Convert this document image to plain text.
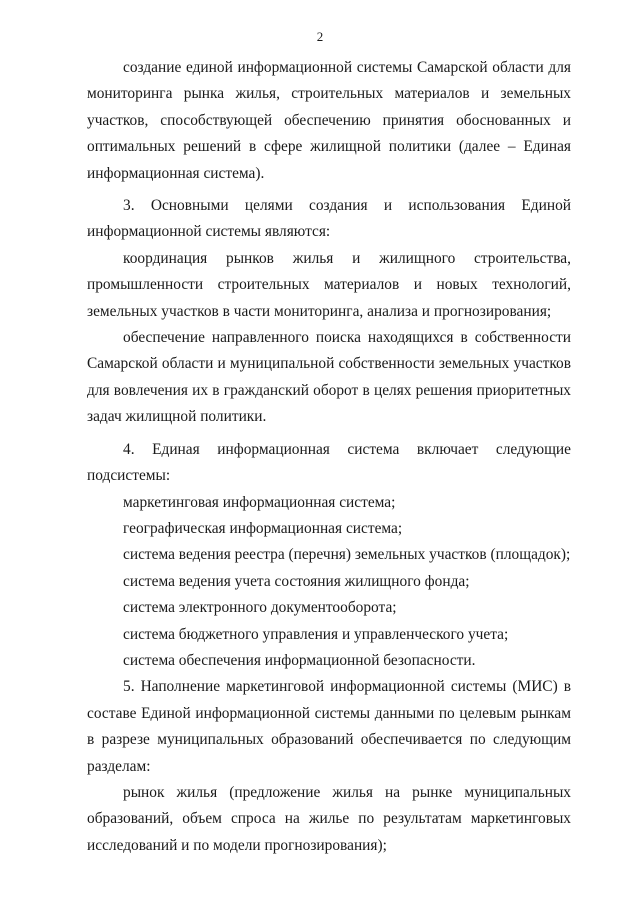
2

создание единой информационной системы Самарской области для мониторинга рынка жилья, строительных материалов и земельных участков, способствующей обеспечению принятия обоснованных и оптимальных решений в сфере жилищной политики (далее – Единая информационная система).

3. Основными целями создания и использования Единой информационной системы являются:

координация рынков жилья и жилищного строительства, промышленности строительных материалов и новых технологий, земельных участков в части мониторинга, анализа и прогнозирования;

обеспечение направленного поиска находящихся в собственности Самарской области и муниципальной собственности земельных участков для вовлечения их в гражданский оборот в целях решения приоритетных задач жилищной политики.

4. Единая информационная система включает следующие подсистемы:

маркетинговая информационная система;

географическая информационная система;

система ведения реестра (перечня) земельных участков (площадок);

система ведения учета состояния жилищного фонда;

система электронного документооборота;

система бюджетного управления и управленческого учета;

система обеспечения информационной безопасности.

5. Наполнение маркетинговой информационной системы (МИС) в составе Единой информационной системы данными по целевым рынкам в разрезе муниципальных образований обеспечивается по следующим разделам:

рынок жилья (предложение жилья на рынке муниципальных образований, объем спроса на жилье по результатам маркетинговых исследований и по модели прогнозирования);
